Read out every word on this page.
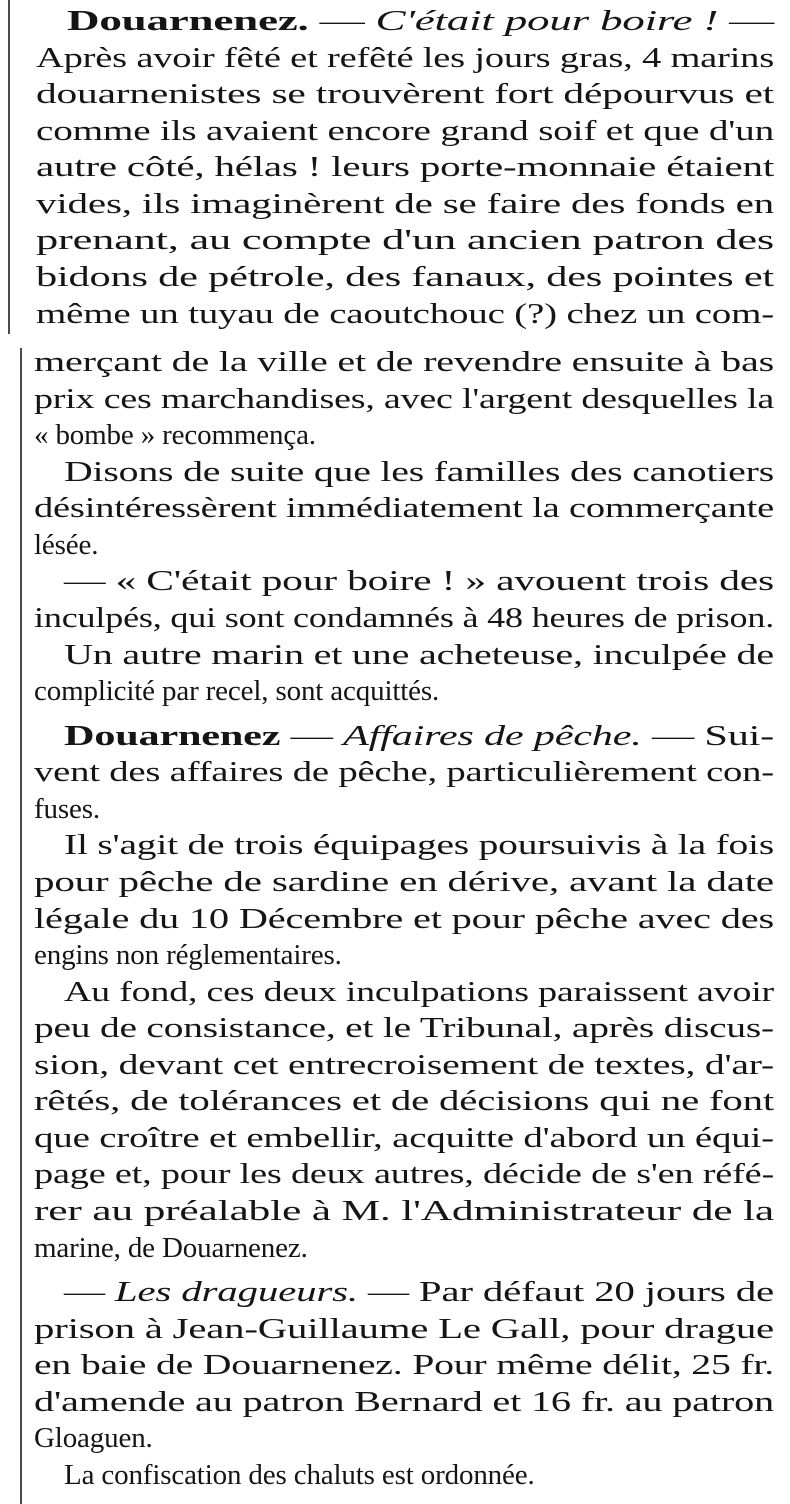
Douarnenez. — C'était pour boire ! —
Après avoir fêté et refêté les jours gras, 4 marins
douarnenistes se trouvèrent fort dépourvus et
comme ils avaient encore grand soif et que d'un
autre côté, hélas ! leurs porte-monnaie étaient
vides, ils imaginèrent de se faire des fonds en
prenant, au compte d'un ancien patron des
bidons de pétrole, des fanaux, des pointes et
même un tuyau de caoutchouc (?) chez un com-
merçant de la ville et de revendre ensuite à bas
prix ces marchandises, avec l'argent desquelles la
« bombe » recommença.
Disons de suite que les familles des canotiers
désintéressèrent immédiatement la commerçante
lésée.
— « C'était pour boire ! » avouent trois des
inculpés, qui sont condamnés à 48 heures de prison.
Un autre marin et une acheteuse, inculpée de
complicité par recel, sont acquittés.
Douarnenez — Affaires de pêche. — Sui-
vent des affaires de pêche, particulièrement con-
fuses.
Il s'agit de trois équipages poursuivis à la fois
pour pêche de sardine en dérive, avant la date
légale du 10 Décembre et pour pêche avec des
engins non réglementaires.
Au fond, ces deux inculpations paraissent avoir
peu de consistance, et le Tribunal, après discus-
sion, devant cet entrecroisement de textes, d'ar-
rêtés, de tolérances et de décisions qui ne font
que croître et embellir, acquitte d'abord un équi-
page et, pour les deux autres, décide de s'en réfé-
rer au préalable à M. l'Administrateur de la
marine, de Douarnenez.
— Les dragueurs. — Par défaut 20 jours de
prison à Jean-Guillaume Le Gall, pour drague
en baie de Douarnenez. Pour même délit, 25 fr.
d'amende au patron Bernard et 16 fr. au patron
Gloaguen.
La confiscation des chaluts est ordonnée.
